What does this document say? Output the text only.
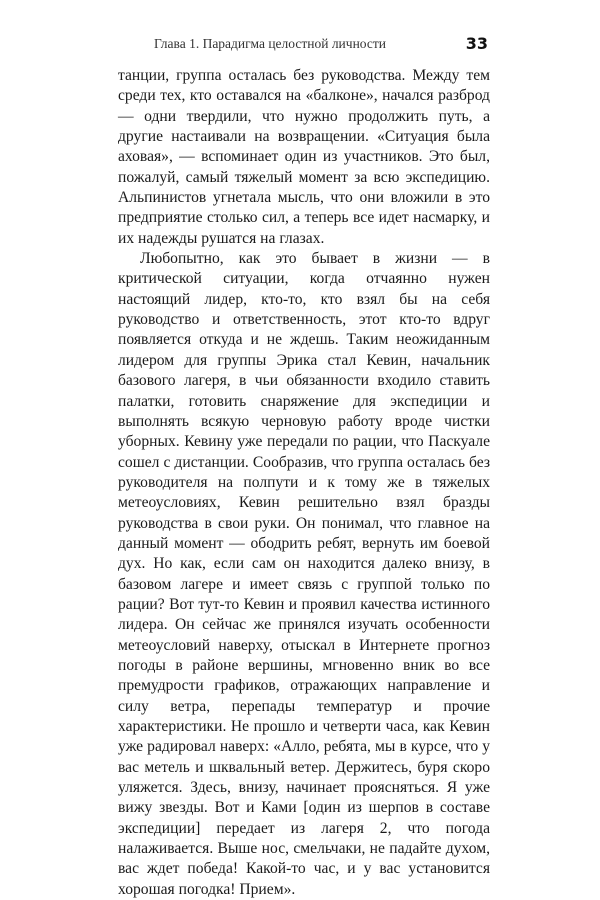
Глава 1. Парадигма целостной личности	33

танции, группа осталась без руководства. Между тем среди тех, кто оставался на «балконе», начался разброд — одни твердили, что нужно продолжить путь, а другие настаивали на возвращении. «Ситуация была аховая», — вспоминает один из участников. Это был, пожалуй, самый тяжелый момент за всю экспедицию. Альпинистов угнетала мысль, что они вложили в это предприятие столько сил, а теперь все идет насмарку, и их надежды рушатся на глазах.

Любопытно, как это бывает в жизни — в критической ситуации, когда отчаянно нужен настоящий лидер, кто-то, кто взял бы на себя руководство и ответственность, этот кто-то вдруг появляется откуда и не ждешь. Таким неожиданным лидером для группы Эрика стал Кевин, начальник базового лагеря, в чьи обязанности входило ставить палатки, готовить снаряжение для экспедиции и выполнять всякую черновую работу вроде чистки уборных. Кевину уже передали по рации, что Паскуале сошел с дистанции. Сообразив, что группа осталась без руководителя на полпути и к тому же в тяжелых метеоусловиях, Кевин решительно взял бразды руководства в свои руки. Он понимал, что главное на данный момент — ободрить ребят, вернуть им боевой дух. Но как, если сам он находится далеко внизу, в базовом лагере и имеет связь с группой только по рации? Вот тут-то Кевин и проявил качества истинного лидера. Он сейчас же принялся изучать особенности метеоусловий наверху, отыскал в Интернете прогноз погоды в районе вершины, мгновенно вник во все премудрости графиков, отражающих направление и силу ветра, перепады температур и прочие характеристики. Не прошло и четверти часа, как Кевин уже радировал наверх: «Алло, ребята, мы в курсе, что у вас метель и шквальный ветер. Держитесь, буря скоро уляжется. Здесь, внизу, начинает проясняться. Я уже вижу звезды. Вот и Ками [один из шерпов в составе экспедиции] передает из лагеря 2, что погода налаживается. Выше нос, смельчаки, не падайте духом, вас ждет победа! Какой-то час, и у вас установится хорошая погодка! Прием».
